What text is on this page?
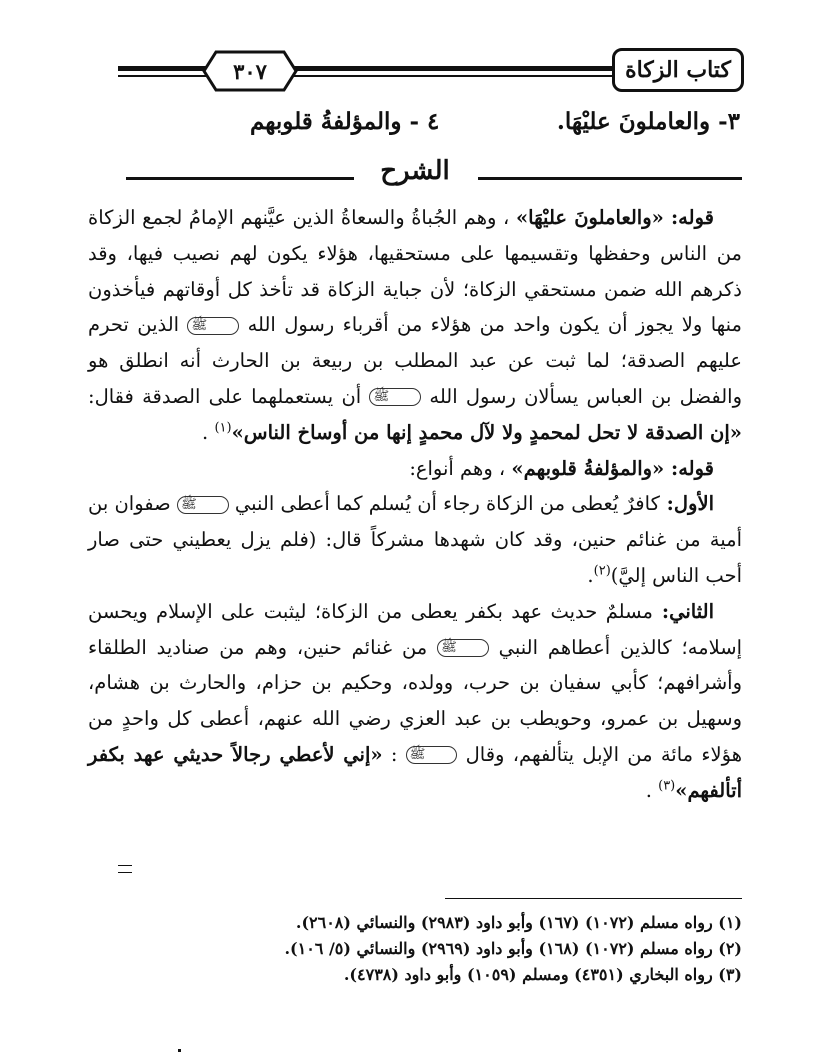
كتاب الزكاة
٣٠٧
٣- والعاملونَ عليْهَا.
٤ - والمؤلفةُ قلوبهم
الشرح

قوله: «والعاملونَ عليْهَا» ، وهم الجُباةُ والسعاةُ الذين عيَّنهم الإمامُ لجمع الزكاة من الناس وحفظها وتقسيمها على مستحقيها، هؤلاء يكون لهم نصيب فيها، وقد ذكرهم الله ضمن مستحقي الزكاة؛ لأن جباية الزكاة قد تأخذ كل أوقاتهم فيأخذون منها ولا يجوز أن يكون واحد من هؤلاء من أقرباء رسول الله ﷺ الذين تحرم عليهم الصدقة؛ لما ثبت عن عبد المطلب بن ربيعة بن الحارث أنه انطلق هو والفضل بن العباس يسألان رسول الله ﷺ أن يستعملهما على الصدقة فقال: «إن الصدقة لا تحل لمحمدٍ ولا لآل محمدٍ إنها من أوساخ الناس»$^{(١)}$ .

قوله: «والمؤلفةُ قلوبهم» ، وهم أنواع:

الأول: كافرٌ يُعطى من الزكاة رجاء أن يُسلم كما أعطى النبي ﷺ صفوان بن أمية من غنائم حنين، وقد كان شهدها مشركاً قال: (فلم يزل يعطيني حتى صار أحب الناس إليَّ)$^{(٢)}$.

الثاني: مسلمٌ حديث عهد بكفر يعطى من الزكاة؛ ليثبت على الإسلام ويحسن إسلامه؛ كالذين أعطاهم النبي ﷺ من غنائم حنين، وهم من صناديد الطلقاء وأشرافهم؛ كأبي سفيان بن حرب، وولده، وحكيم بن حزام، والحارث بن هشام، وسهيل بن عمرو، وحويطب بن عبد العزي رضي الله عنهم، أعطى كل واحدٍ من هؤلاء مائة من الإبل يتألفهم، وقال ﷺ : «إني لأعطي رجالاً حديثي عهد بكفر أتألفهم»$^{(٣)}$ .

(١) رواه مسلم (١٠٧٢) (١٦٧) وأبو داود (٢٩٨٣) والنسائي (٢٦٠٨).
(٢) رواه مسلم (١٠٧٢) (١٦٨) وأبو داود (٢٩٦٩) والنسائي (٥/ ١٠٦).
(٣) رواه البخاري (٤٣٥١) ومسلم (١٠٥٩) وأبو داود (٤٧٣٨).
